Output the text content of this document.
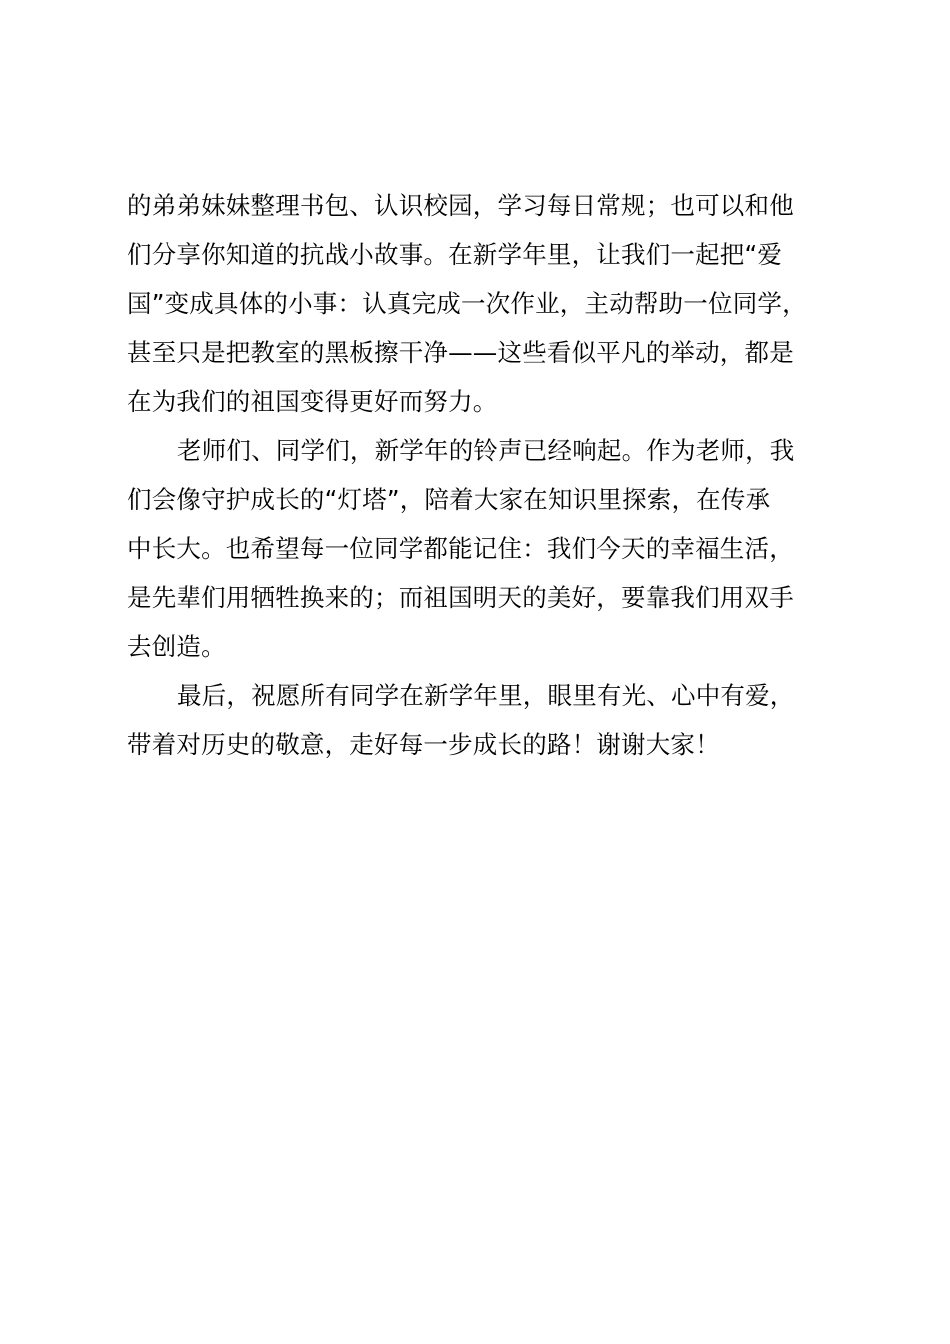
的弟弟妹妹整理书包、认识校园，学习每日常规；也可以和他
们分享你知道的抗战小故事。在新学年里，让我们一起把“爱
国”变成具体的小事：认真完成一次作业，主动帮助一位同学，
甚至只是把教室的黑板擦干净——这些看似平凡的举动，都是
在为我们的祖国变得更好而努力。
老师们、同学们，新学年的铃声已经响起。作为老师，我
们会像守护成长的“灯塔”，陪着大家在知识里探索，在传承
中长大。也希望每一位同学都能记住：我们今天的幸福生活，
是先辈们用牺牲换来的；而祖国明天的美好，要靠我们用双手
去创造。
最后，祝愿所有同学在新学年里，眼里有光、心中有爱，
带着对历史的敬意，走好每一步成长的路！谢谢大家！
